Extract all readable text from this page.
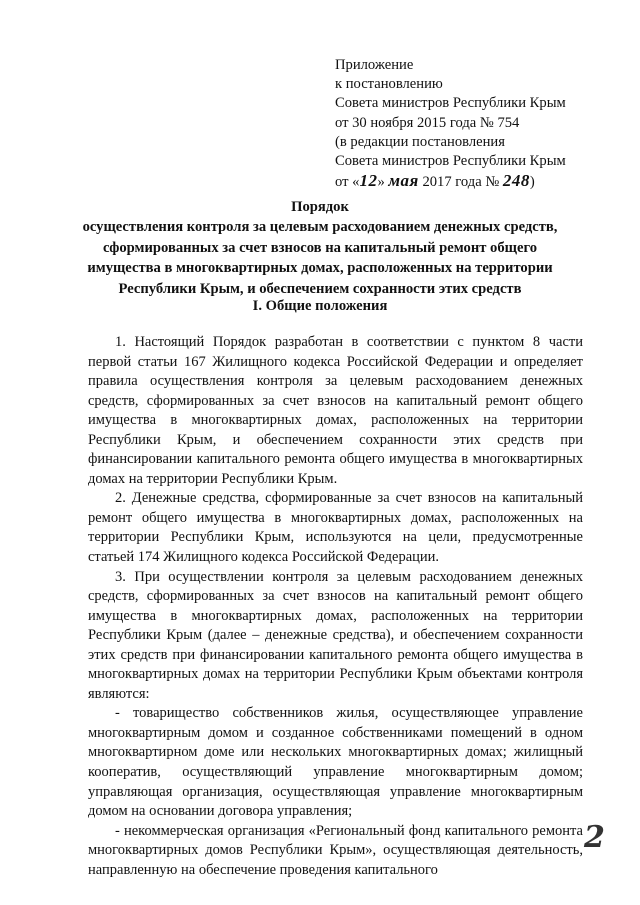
Приложение
к постановлению
Совета министров Республики Крым
от 30 ноября 2015 года № 754
(в редакции постановления
Совета министров Республики Крым
от «12» мая 2017 года № 248)
Порядок
осуществления контроля за целевым расходованием денежных средств,
сформированных за счет взносов на капитальный ремонт общего
имущества в многоквартирных домах, расположенных на территории
Республики Крым, и обеспечением сохранности этих средств
I. Общие положения

1. Настоящий Порядок разработан в соответствии с пунктом 8 части первой статьи 167 Жилищного кодекса Российской Федерации и определяет правила осуществления контроля за целевым расходованием денежных средств, сформированных за счет взносов на капитальный ремонт общего имущества в многоквартирных домах, расположенных на территории Республики Крым, и обеспечением сохранности этих средств при финансировании капитального ремонта общего имущества в многоквартирных домах на территории Республики Крым.

2. Денежные средства, сформированные за счет взносов на капитальный ремонт общего имущества в многоквартирных домах, расположенных на территории Республики Крым, используются на цели, предусмотренные статьей 174 Жилищного кодекса Российской Федерации.

3. При осуществлении контроля за целевым расходованием денежных средств, сформированных за счет взносов на капитальный ремонт общего имущества в многоквартирных домах, расположенных на территории Республики Крым (далее – денежные средства), и обеспечением сохранности этих средств при финансировании капитального ремонта общего имущества в многоквартирных домах на территории Республики Крым объектами контроля являются:

- товарищество собственников жилья, осуществляющее управление многоквартирным домом и созданное собственниками помещений в одном многоквартирном доме или нескольких многоквартирных домах; жилищный кооператив, осуществляющий управление многоквартирным домом; управляющая организация, осуществляющая управление многоквартирным домом на основании договора управления;

- некоммерческая организация «Региональный фонд капитального ремонта многоквартирных домов Республики Крым», осуществляющая деятельность, направленную на обеспечение проведения капитального

2
